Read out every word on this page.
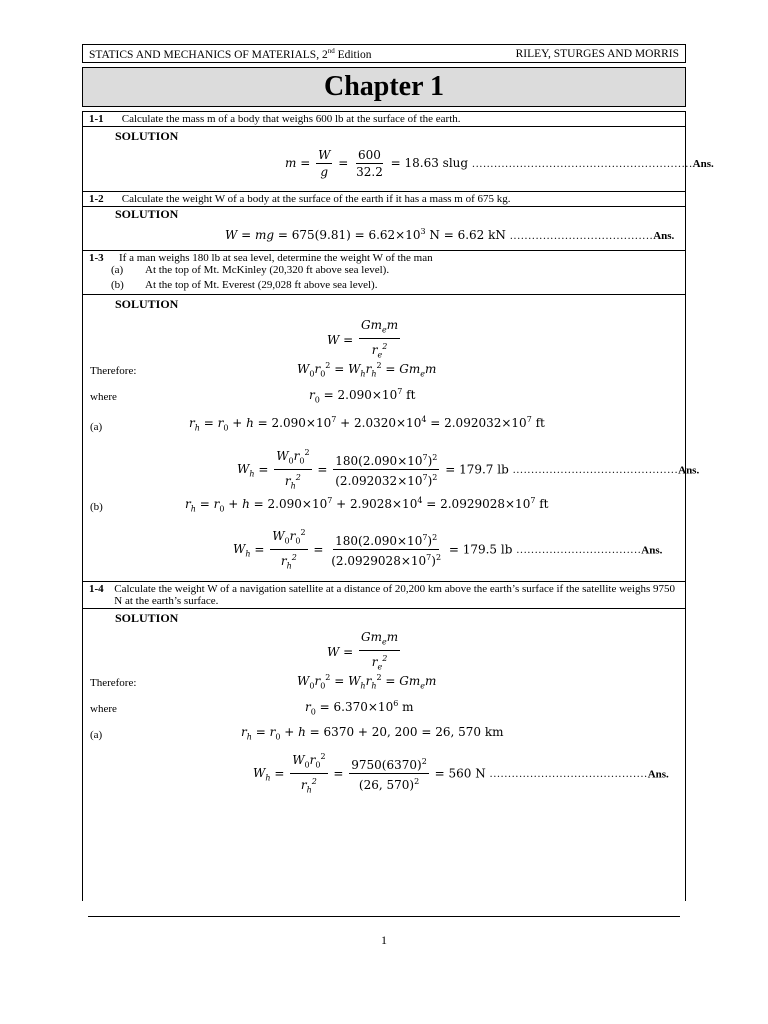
STATICS AND MECHANICS OF MATERIALS, 2nd Edition	RILEY, STURGES AND MORRIS
Chapter 1
1-1 Calculate the mass m of a body that weighs 600 lb at the surface of the earth.
SOLUTION
$m = \frac{W}{g} = \frac{600}{32.2} = 18.63$ slug ............................................................Ans.
1-2 Calculate the weight W of a body at the surface of the earth if it has a mass m of 675 kg.
SOLUTION
W = mg = $675(9.81) = 6.62\times 10^3$ N = 6.62 kN .......................................Ans.
1-3 If a man weighs 180 lb at sea level, determine the weight W of the man
(a) At the top of Mt. McKinley (20,320 ft above sea level).
(b) At the top of Mt. Everest (29,028 ft above sea level).
SOLUTION
$W = \frac{Gm_em}{r_e^2}$
Therefore:	$W_0r_0^2 = W_hr_h^2 = Gm_em$
where	$r_0 = 2.090\times 10^7$ ft
(a)	$r_h = r_0 + h = 2.090\times 10^7 + 2.0320\times 10^4 = 2.092032\times 10^7$ ft
$W_h = \frac{W_0r_0^2}{r_h^2} = \frac{180(2.090\times 10^7)^2}{(2.092032\times 10^7)^2} = 179.7$ lb .............................................Ans.
(b)	$r_h = r_0 + h = 2.090\times 10^7 + 2.9028\times 10^4 = 2.0929028\times 10^7$ ft
$W_h = \frac{W_0r_0^2}{r_h^2} = \frac{180(2.090\times 10^7)^2}{(2.0929028\times 10^7)^2} = 179.5$ lb ..................................Ans.
1-4 Calculate the weight W of a navigation satellite at a distance of 20,200 km above the earth’s surface if the satellite weighs 9750 N at the earth’s surface.
SOLUTION
$W = \frac{Gm_em}{r_e^2}$
Therefore:	$W_0r_0^2 = W_hr_h^2 = Gm_em$
where	$r_0 = 6.370\times 10^6$ m
(a)	$r_h = r_0 + h = 6370 + 20$, 200 = 26, 570 km
$W_h = \frac{W_0r_0^2}{r_h^2} = \frac{9750(6370)^2}{(26, 570)^2} = 560$ N ...........................................Ans.
1
